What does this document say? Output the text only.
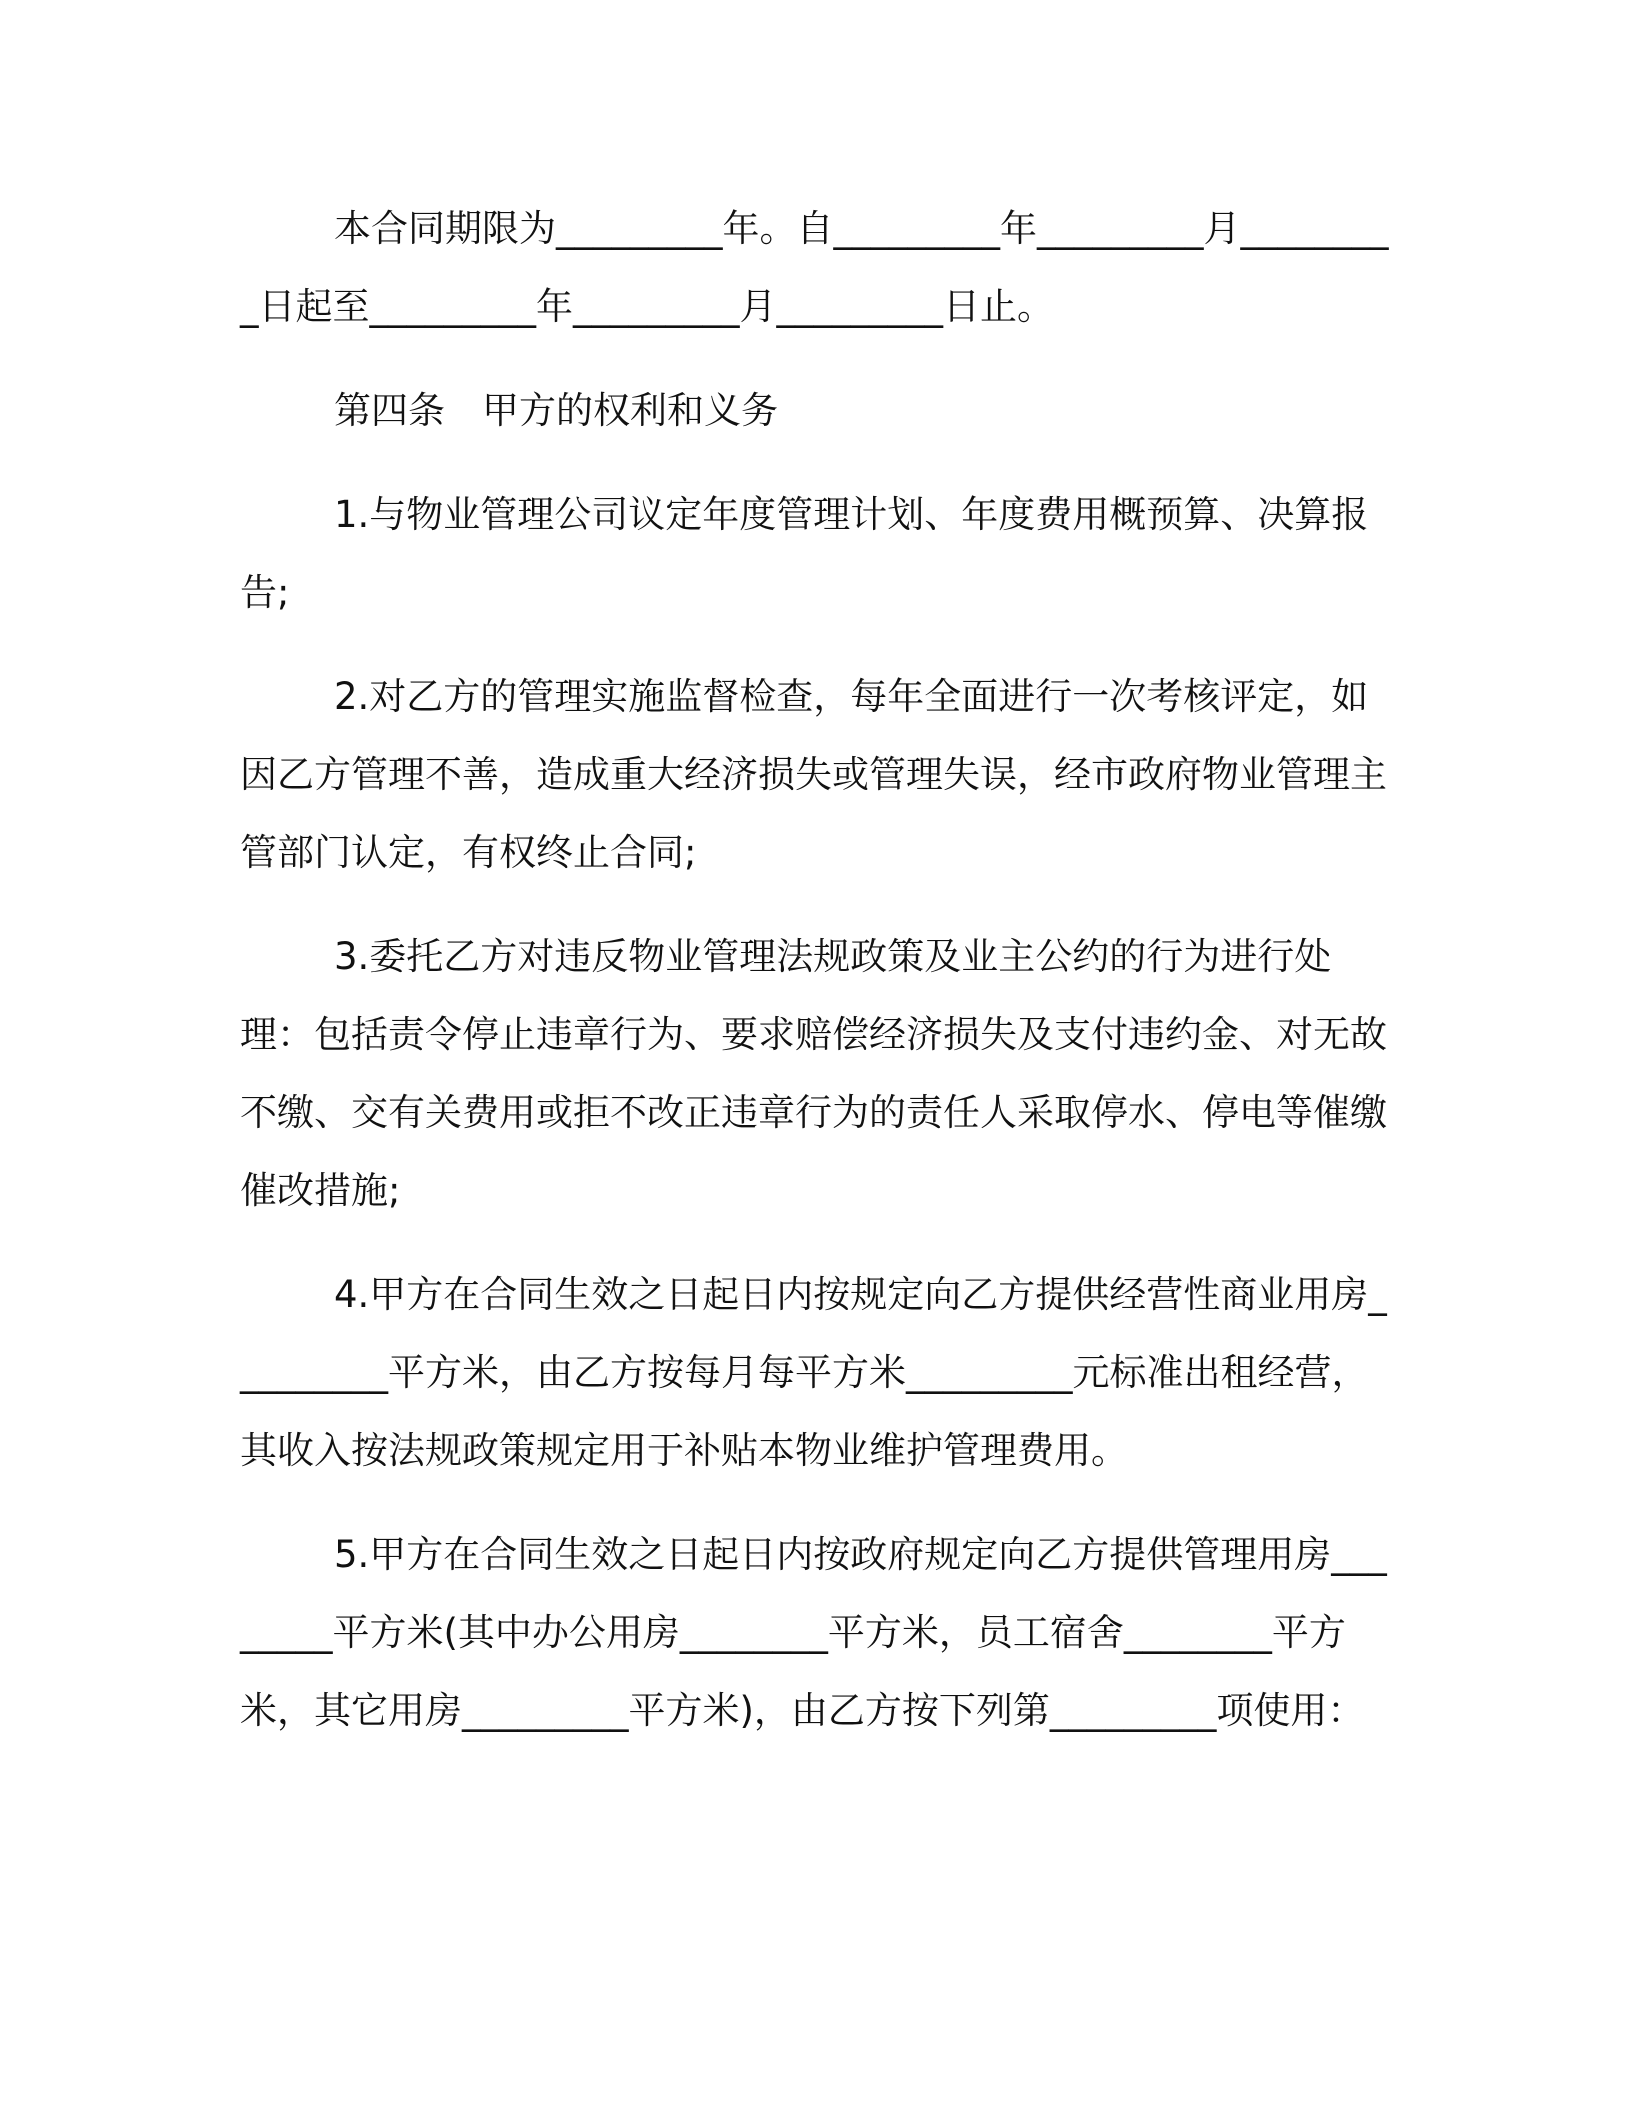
本合同期限为_________年。自_________年_________月_________日起至_________年_________月_________日止。

第四条　甲方的权利和义务

1.与物业管理公司议定年度管理计划、年度费用概预算、决算报告;

2.对乙方的管理实施监督检查，每年全面进行一次考核评定，如因乙方管理不善，造成重大经济损失或管理失误，经市政府物业管理主管部门认定，有权终止合同;

3.委托乙方对违反物业管理法规政策及业主公约的行为进行处理：包括责令停止违章行为、要求赔偿经济损失及支付违约金、对无故不缴、交有关费用或拒不改正违章行为的责任人采取停水、停电等催缴催改措施;

4.甲方在合同生效之日起日内按规定向乙方提供经营性商业用房_________平方米，由乙方按每月每平方米_________元标准出租经营，其收入按法规政策规定用于补贴本物业维护管理费用。

5.甲方在合同生效之日起日内按政府规定向乙方提供管理用房________平方米(其中办公用房________平方米，员工宿舍________平方米，其它用房_________平方米)，由乙方按下列第_________项使用：
